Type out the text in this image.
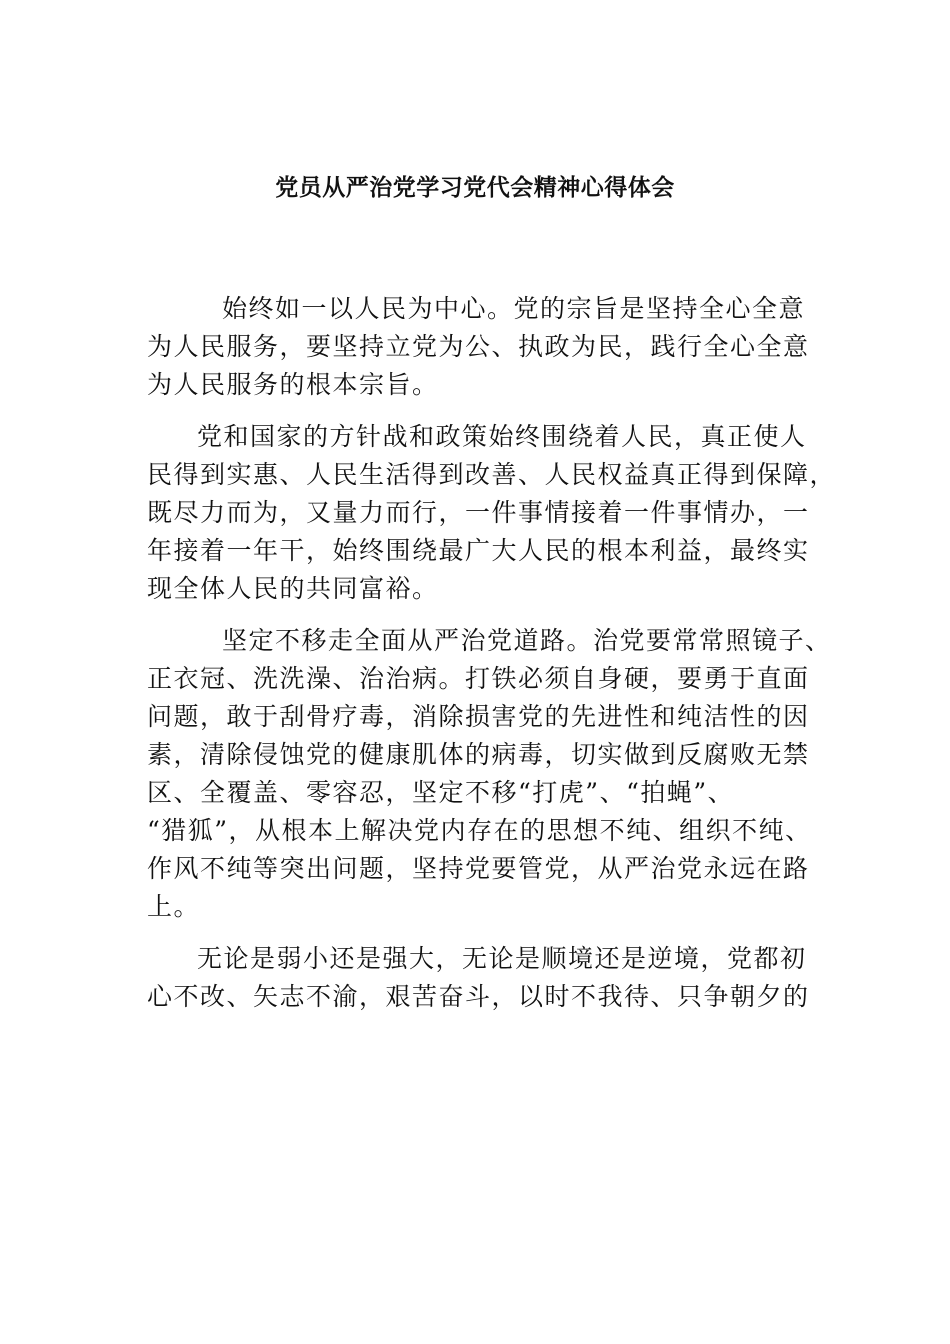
党员从严治党学习党代会精神心得体会
始终如一以人民为中心。党的宗旨是坚持全心全意
为人民服务，要坚持立党为公、执政为民，践行全心全意
为人民服务的根本宗旨。
党和国家的方针战和政策始终围绕着人民，真正使人
民得到实惠、人民生活得到改善、人民权益真正得到保障，
既尽力而为，又量力而行，一件事情接着一件事情办，一
年接着一年干，始终围绕最广大人民的根本利益，最终实
现全体人民的共同富裕。
坚定不移走全面从严治党道路。治党要常常照镜子、
正衣冠、洗洗澡、治治病。打铁必须自身硬，要勇于直面
问题，敢于刮骨疗毒，消除损害党的先进性和纯洁性的因
素，清除侵蚀党的健康肌体的病毒，切实做到反腐败无禁
区、全覆盖、零容忍，坚定不移“打虎”、“拍蝇”、
“猎狐”，从根本上解决党内存在的思想不纯、组织不纯、
作风不纯等突出问题，坚持党要管党，从严治党永远在路
上。
无论是弱小还是强大，无论是顺境还是逆境，党都初
心不改、矢志不渝，艰苦奋斗，以时不我待、只争朝夕的
